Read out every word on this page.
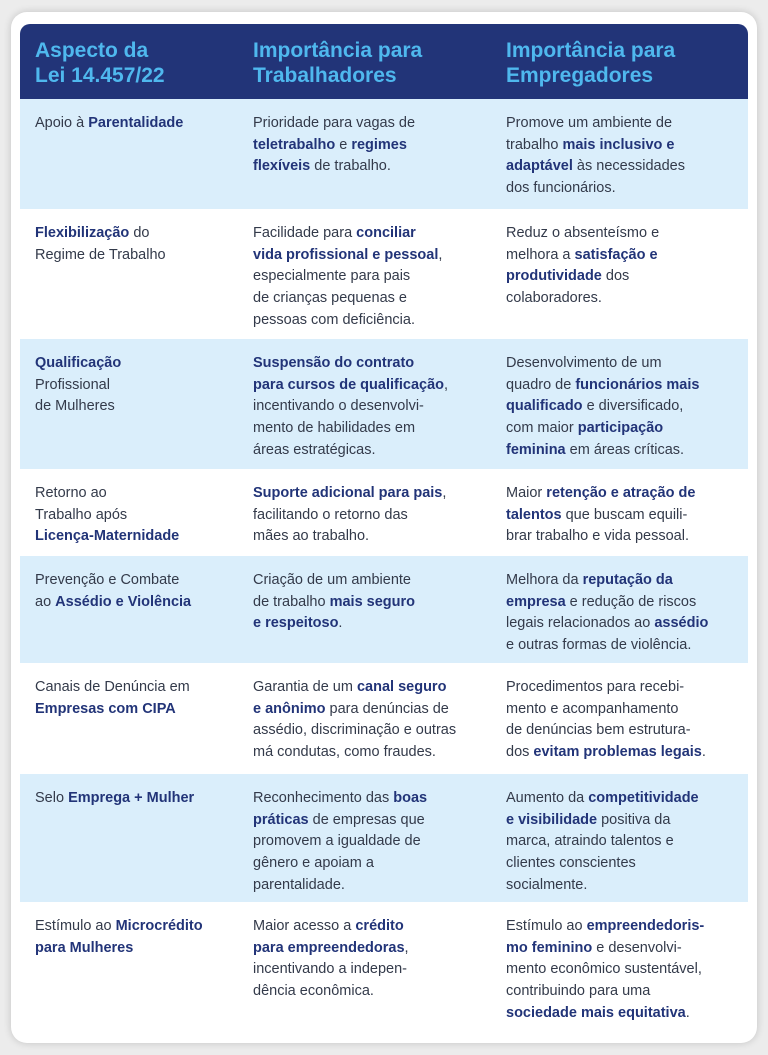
Aspecto da
Lei 14.457/22
Importância para
Trabalhadores
Importância para
Empregadores
Apoio à Parentalidade	Prioridade para vagas de
teletrabalho e regimes
flexíveis de trabalho.
Promove um ambiente de
trabalho mais inclusivo e
adaptável às necessidades
dos funcionários.
Flexibilização do
Regime de Trabalho
Facilidade para conciliar
vida profissional e pessoal,
especialmente para pais
de crianças pequenas e
pessoas com deficiência.
Reduz o absenteísmo e
melhora a satisfação e
produtividade dos
colaboradores.
Qualificação
Profissional
de Mulheres
Suspensão do contrato
para cursos de qualificação,
incentivando o desenvolvi-
mento de habilidades em
áreas estratégicas.
Desenvolvimento de um
quadro de funcionários mais
qualificado e diversificado,
com maior participação
feminina em áreas críticas.
Retorno ao
Trabalho após
Licença-Maternidade
Suporte adicional para pais,
facilitando o retorno das
mães ao trabalho.
Maior retenção e atração de
talentos que buscam equili-
brar trabalho e vida pessoal.
Prevenção e Combate
ao Assédio e Violência
Criação de um ambiente
de trabalho mais seguro
e respeitoso.
Melhora da reputação da
empresa e redução de riscos
legais relacionados ao assédio
e outras formas de violência.
Canais de Denúncia em
Empresas com CIPA
Garantia de um canal seguro
e anônimo para denúncias de
assédio, discriminação e outras
má condutas, como fraudes.
Procedimentos para recebi-
mento e acompanhamento
de denúncias bem estrutura-
dos evitam problemas legais.
Selo Emprega + Mulher	Reconhecimento das boas
práticas de empresas que
promovem a igualdade de
gênero e apoiam a
parentalidade.
Aumento da competitividade
e visibilidade positiva da
marca, atraindo talentos e
clientes conscientes
socialmente.
Estímulo ao Microcrédito
para Mulheres
Maior acesso a crédito
para empreendedoras,
incentivando a indepen-
dência econômica.
Estímulo ao empreendedoris-
mo feminino e desenvolvi-
mento econômico sustentável,
contribuindo para uma
sociedade mais equitativa.
